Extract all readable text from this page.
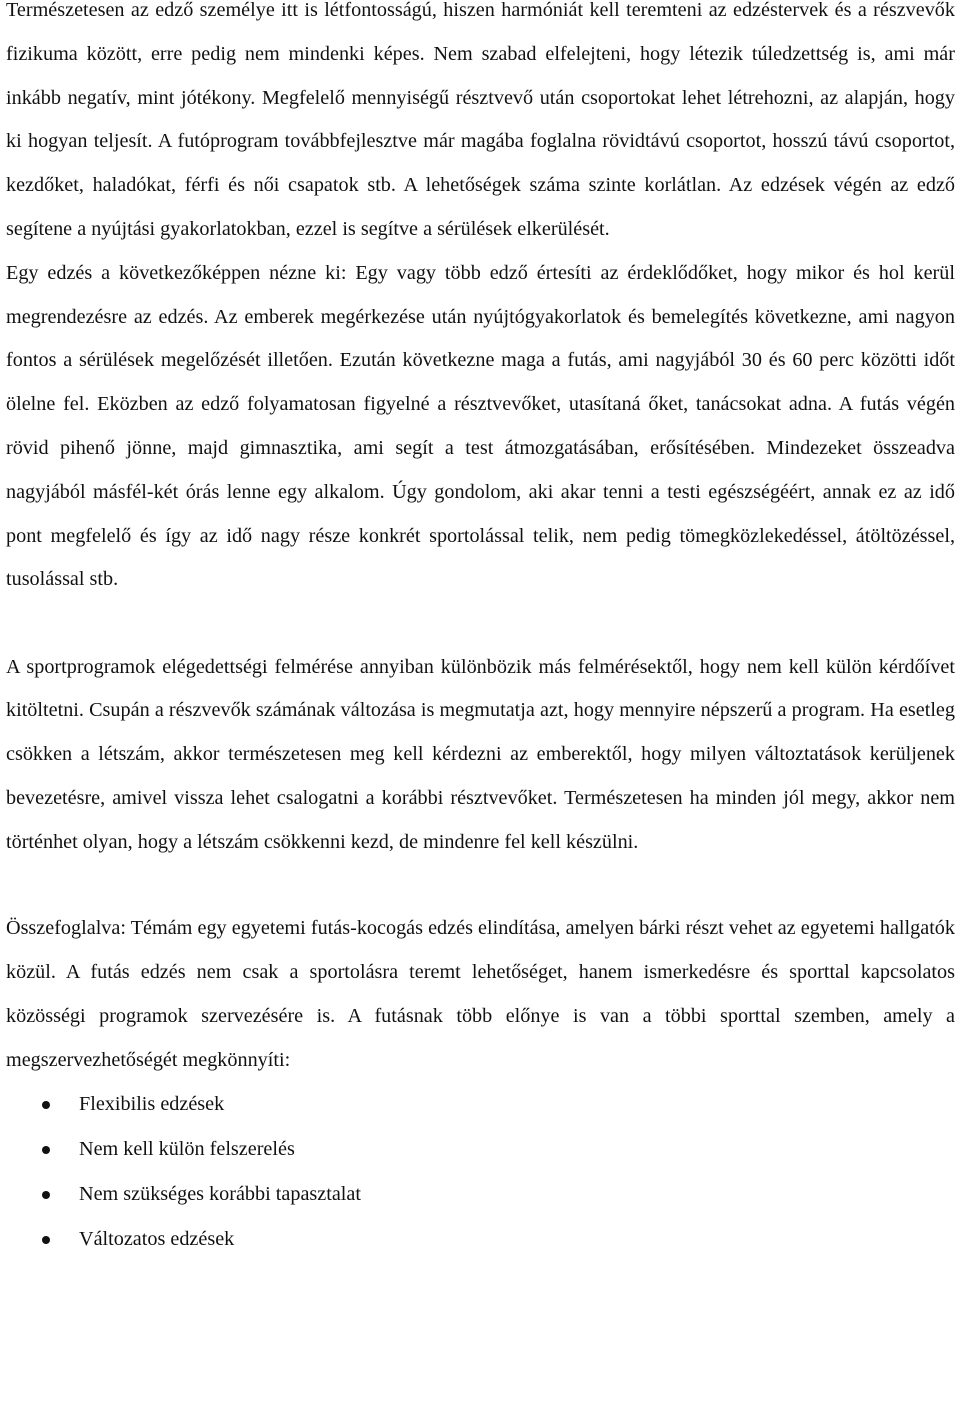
Természetesen az edző személye itt is létfontosságú, hiszen harmóniát kell teremteni az edzéstervek és a részvevők fizikuma között, erre pedig nem mindenki képes. Nem szabad elfelejteni, hogy létezik túledzettség is, ami már inkább negatív, mint jótékony. Megfelelő mennyiségű résztvevő után csoportokat lehet létrehozni, az alapján, hogy ki hogyan teljesít. A futóprogram továbbfejlesztve már magába foglalna rövidtávú csoportot, hosszú távú csoportot, kezdőket, haladókat, férfi és női csapatok stb. A lehetőségek száma szinte korlátlan. Az edzések végén az edző segítene a nyújtási gyakorlatokban, ezzel is segítve a sérülések elkerülését.

Egy edzés a következőképpen nézne ki: Egy vagy több edző értesíti az érdeklődőket, hogy mikor és hol kerül megrendezésre az edzés. Az emberek megérkezése után nyújtógyakorlatok és bemelegítés következne, ami nagyon fontos a sérülések megelőzését illetően. Ezután következne maga a futás, ami nagyjából 30 és 60 perc közötti időt ölelne fel. Eközben az edző folyamatosan figyelné a résztvevőket, utasítaná őket, tanácsokat adna. A futás végén rövid pihenő jönne, majd gimnasztika, ami segít a test átmozgatásában, erősítésében. Mindezeket összeadva nagyjából másfél-két órás lenne egy alkalom. Úgy gondolom, aki akar tenni a testi egészségéért, annak ez az idő pont megfelelő és így az idő nagy része konkrét sportolással telik, nem pedig tömegközlekedéssel, átöltözéssel, tusolással stb.

A sportprogramok elégedettségi felmérése annyiban különbözik más felmérésektől, hogy nem kell külön kérdőívet kitöltetni. Csupán a részvevők számának változása is megmutatja azt, hogy mennyire népszerű a program. Ha esetleg csökken a létszám, akkor természetesen meg kell kérdezni az emberektől, hogy milyen változtatások kerüljenek bevezetésre, amivel vissza lehet csalogatni a korábbi résztvevőket. Természetesen ha minden jól megy, akkor nem történhet olyan, hogy a létszám csökkenni kezd, de mindenre fel kell készülni.

Összefoglalva: Témám egy egyetemi futás-kocogás edzés elindítása, amelyen bárki részt vehet az egyetemi hallgatók közül. A futás edzés nem csak a sportolásra teremt lehetőséget, hanem ismerkedésre és sporttal kapcsolatos közösségi programok szervezésére is. A futásnak több előnye is van a többi sporttal szemben, amely a megszervezhetőségét megkönnyíti:

Flexibilis edzések
Nem kell külön felszerelés
Nem szükséges korábbi tapasztalat
Változatos edzések
